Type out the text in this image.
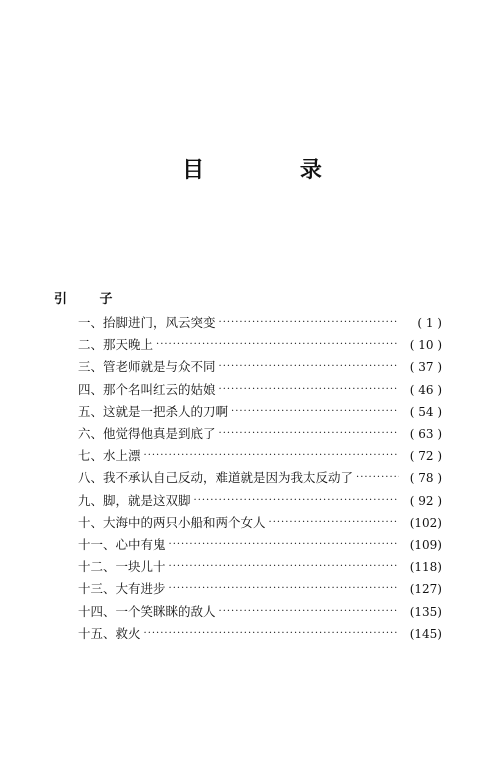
目 录
引 子
一、抬脚进门，风云突变 ·····	( 1 )
二、那天晚上 ·····	( 10 )
三、管老师就是与众不同 ·····	( 37 )
四、那个名叫红云的姑娘 ·····	( 46 )
五、这就是一把杀人的刀啊 ·····	( 54 )
六、他觉得他真是到底了 ·····	( 63 )
七、水上漂 ·····	( 72 )
八、我不承认自己反动，难道就是因为我太反动了 ·····	( 78 )
九、脚，就是这双脚 ·····	( 92 )
十、大海中的两只小船和两个女人 ·····	(102)
十一、心中有鬼 ·····	(109)
十二、一块儿十 ·····	(118)
十三、大有进步 ·····	(127)
十四、一个笑眯眯的敌人 ·····	(135)
十五、救火 ·····	(145)
